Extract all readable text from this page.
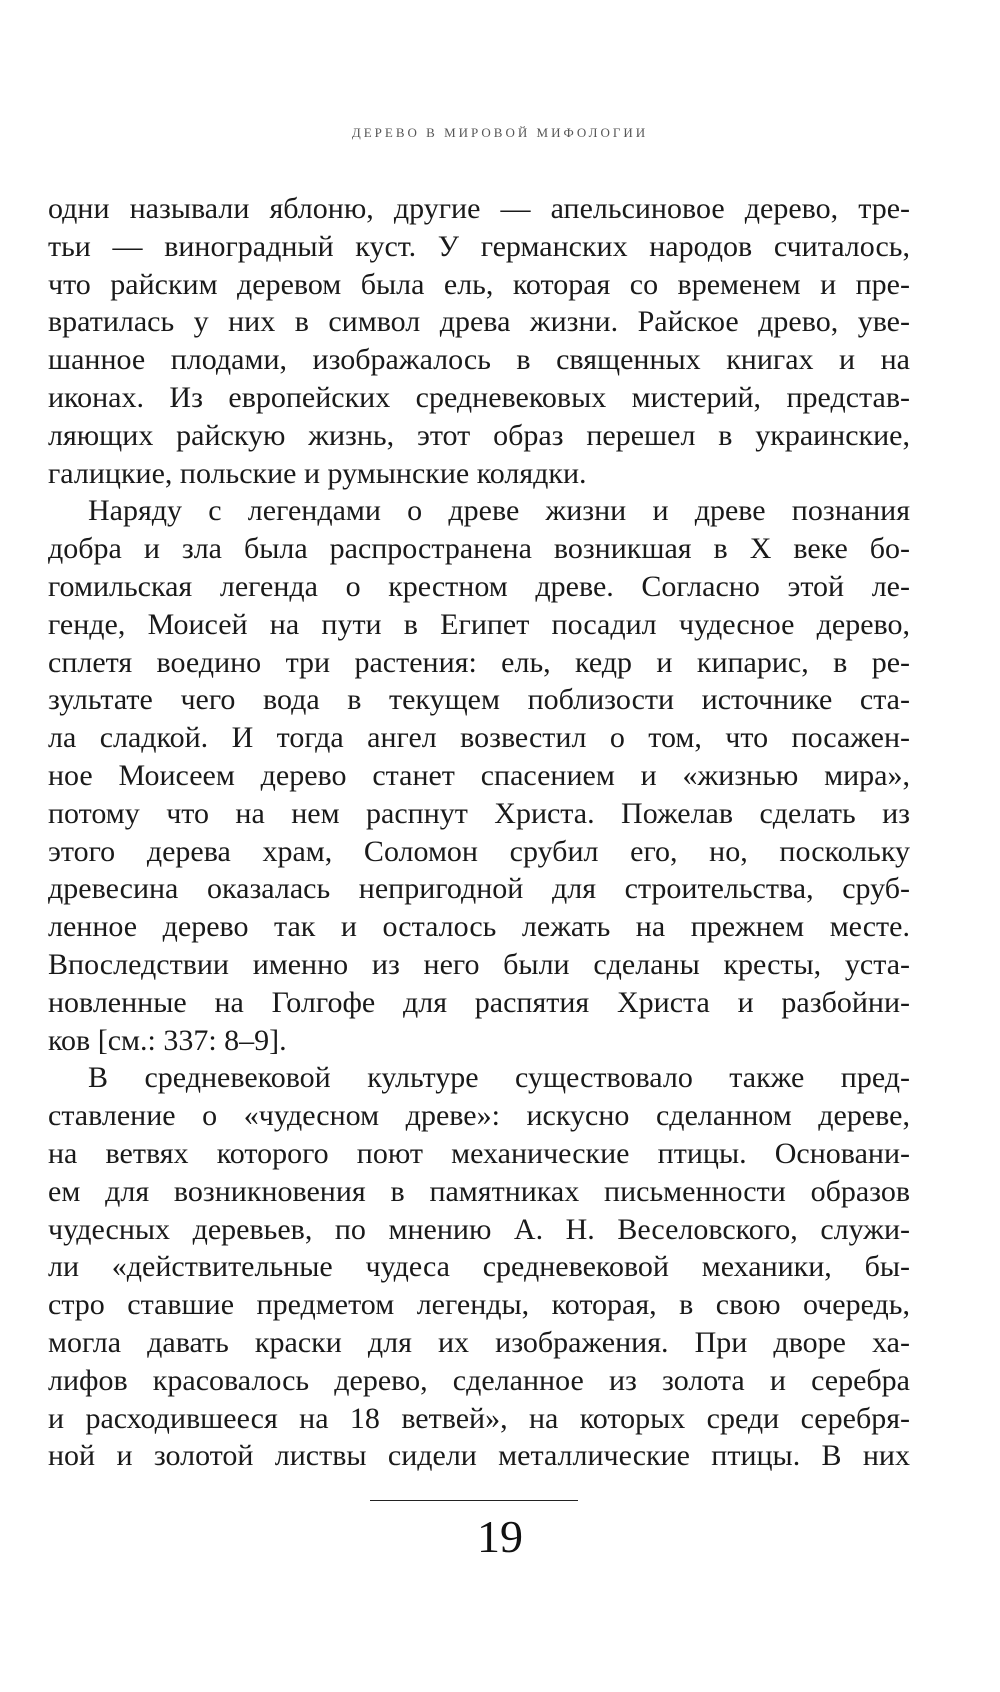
ДЕРЕВО В МИРОВОЙ МИФОЛОГИИ
одни называли яблоню, другие — апельсиновое дерево, тре-
тьи — виноградный куст. У германских народов считалось,
что райским деревом была ель, которая со временем и пре-
вратилась у них в символ древа жизни. Райское древо, уве-
шанное плодами, изображалось в священных книгах и на
иконах. Из европейских средневековых мистерий, представ-
ляющих райскую жизнь, этот образ перешел в украинские,
галицкие, польские и румынские колядки.
Наряду с легендами о древе жизни и древе познания
добра и зла была распространена возникшая в X веке бо-
гомильская легенда о крестном древе. Согласно этой ле-
генде, Моисей на пути в Египет посадил чудесное дерево,
сплетя воедино три растения: ель, кедр и кипарис, в ре-
зультате чего вода в текущем поблизости источнике ста-
ла сладкой. И тогда ангел возвестил о том, что посажен-
ное Моисеем дерево станет спасением и «жизнью мира»,
потому что на нем распнут Христа. Пожелав сделать из
этого дерева храм, Соломон срубил его, но, поскольку
древесина оказалась непригодной для строительства, сруб-
ленное дерево так и осталось лежать на прежнем месте.
Впоследствии именно из него были сделаны кресты, уста-
новленные на Голгофе для распятия Христа и разбойни-
ков [см.: 337: 8–9].
В средневековой культуре существовало также пред-
ставление о «чудесном древе»: искусно сделанном дереве,
на ветвях которого поют механические птицы. Основани-
ем для возникновения в памятниках письменности образов
чудесных деревьев, по мнению А. Н. Веселовского, служи-
ли «действительные чудеса средневековой механики, бы-
стро ставшие предметом легенды, которая, в свою очередь,
могла давать краски для их изображения. При дворе ха-
лифов красовалось дерево, сделанное из золота и серебра
и расходившееся на 18 ветвей», на которых среди серебря-
ной и золотой листвы сидели металлические птицы. В них
19
